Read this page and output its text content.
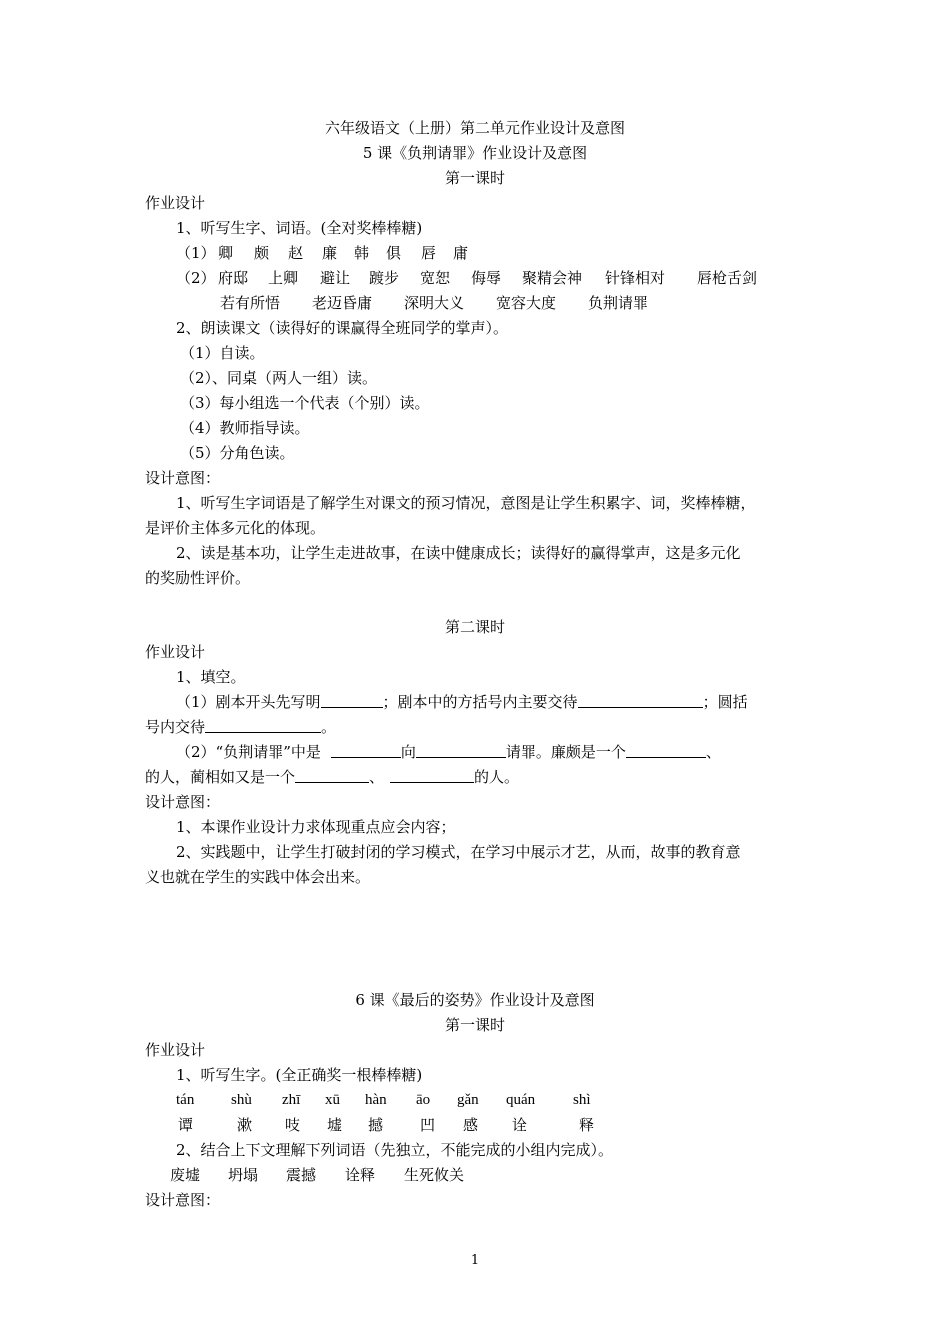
六年级语文（上册）第二单元作业设计及意图
5 课《负荆请罪》作业设计及意图
第一课时
作业设计
1、听写生字、词语。(全对奖棒棒糖)
（1） 卿 颇 赵 廉 韩 俱 唇 庸
（2） 府邸 上卿 避让 踱步 宽恕 侮辱 聚精会神 针锋相对 唇枪舌剑
若有所悟 老迈昏庸 深明大义 宽容大度 负荆请罪
2、朗读课文（读得好的课赢得全班同学的掌声）。
（1）自读。
（2）、同桌（两人一组）读。
（3）每小组选一个代表（个别）读。
（4）教师指导读。
（5）分角色读。
设计意图：
1、听写生字词语是了解学生对课文的预习情况，意图是让学生积累字、词，奖棒棒糖，
是评价主体多元化的体现。
2、读是基本功，让学生走进故事，在读中健康成长；读得好的赢得掌声，这是多元化
的奖励性评价。
第二课时
作业设计
1、填空。
（1）剧本开头先写明	；剧本中的方括号内主要交待	；圆括
号内交待	。
（2）“负荆请罪”中是	向	请罪。廉颇是一个	、
的人，蔺相如又是一个	、	的人。
设计意图：
1、本课作业设计力求体现重点应会内容；
2、实践题中，让学生打破封闭的学习模式，在学习中展示才艺，从而，故事的教育意
义也就在学生的实践中体会出来。
6 课《最后的姿势》作业设计及意图
第一课时
作业设计
1、听写生字。(全正确奖一根棒棒糖)
tán shù zhī xū hàn āo gǎn quán	shì
谭	漱 吱 墟 撼 凹 感 诠	释
2、结合上下文理解下列词语（先独立，不能完成的小组内完成）。
废墟 坍塌 震撼 诠释 生死攸关
设计意图：
1
